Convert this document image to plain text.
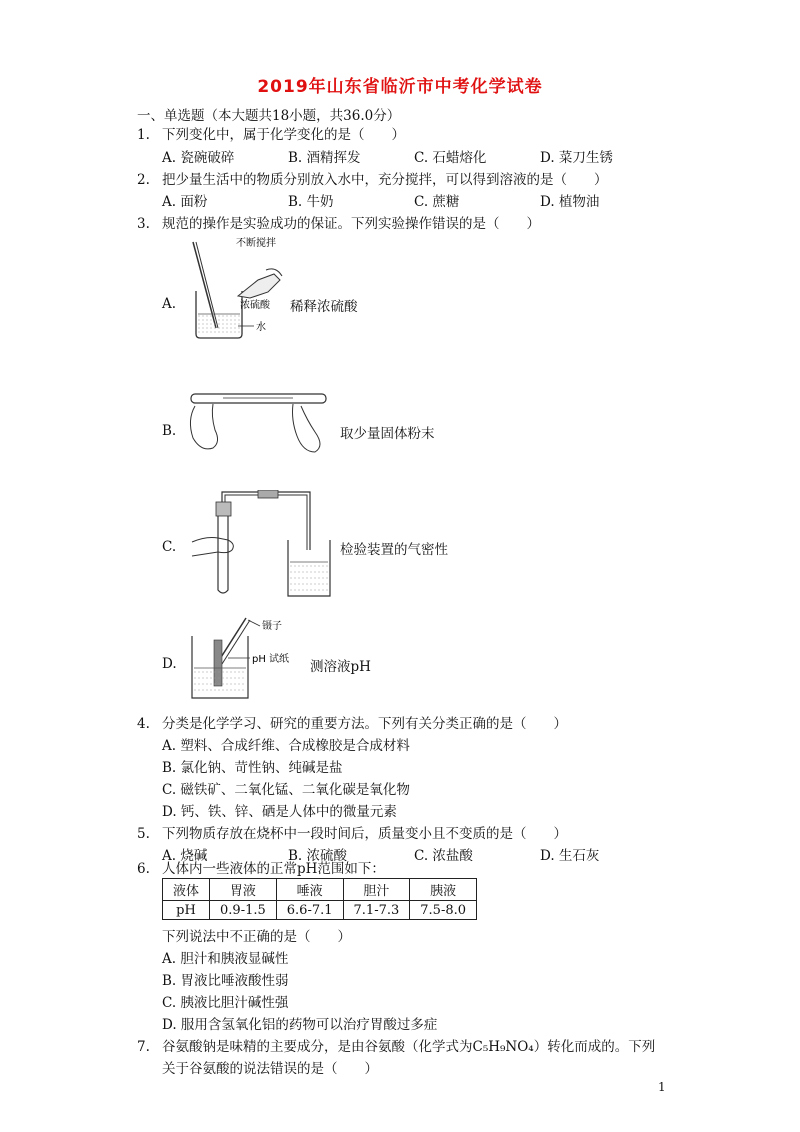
2019年山东省临沂市中考化学试卷
一、单选题（本大题共18小题，共36.0分）
1. 下列变化中，属于化学变化的是（　　）
A. 瓷碗破碎	B. 酒精挥发	C. 石蜡熔化	D. 菜刀生锈
2. 把少量生活中的物质分别放入水中，充分搅拌，可以得到溶液的是（　　）
A. 面粉	B. 牛奶	C. 蔗糖	D. 植物油
3. 规范的操作是实验成功的保证。下列实验操作错误的是（　　）
A.
不断搅拌
浓硫酸
水
稀释浓硫酸
B.	取少量固体粉末
C.	检验装置的气密性
D.
镊子
pH 试纸 测溶液pH
4. 分类是化学学习、研究的重要方法。下列有关分类正确的是（　　）
A. 塑料、合成纤维、合成橡胶是合成材料
B. 氯化钠、苛性钠、纯碱是盐
C. 磁铁矿、二氧化锰、二氧化碳是氧化物
D. 钙、铁、锌、硒是人体中的微量元素
5. 下列物质存放在烧杯中一段时间后，质量变小且不变质的是（　　）
A. 烧碱	B. 浓硫酸	C. 浓盐酸	D. 生石灰
6. 人体内一些液体的正常pH范围如下：
液体	胃液	唾液	胆汁	胰液
pH	0.9-1.5	6.6-7.1	7.1-7.3	7.5-8.0
下列说法中不正确的是（　　）
A. 胆汁和胰液显碱性
B. 胃液比唾液酸性弱
C. 胰液比胆汁碱性强
D. 服用含氢氧化铝的药物可以治疗胃酸过多症
7. 谷氨酸钠是味精的主要成分，是由谷氨酸（化学式为C₅H₉NO₄）转化而成的。下列
关于谷氨酸的说法错误的是（　　）
1
